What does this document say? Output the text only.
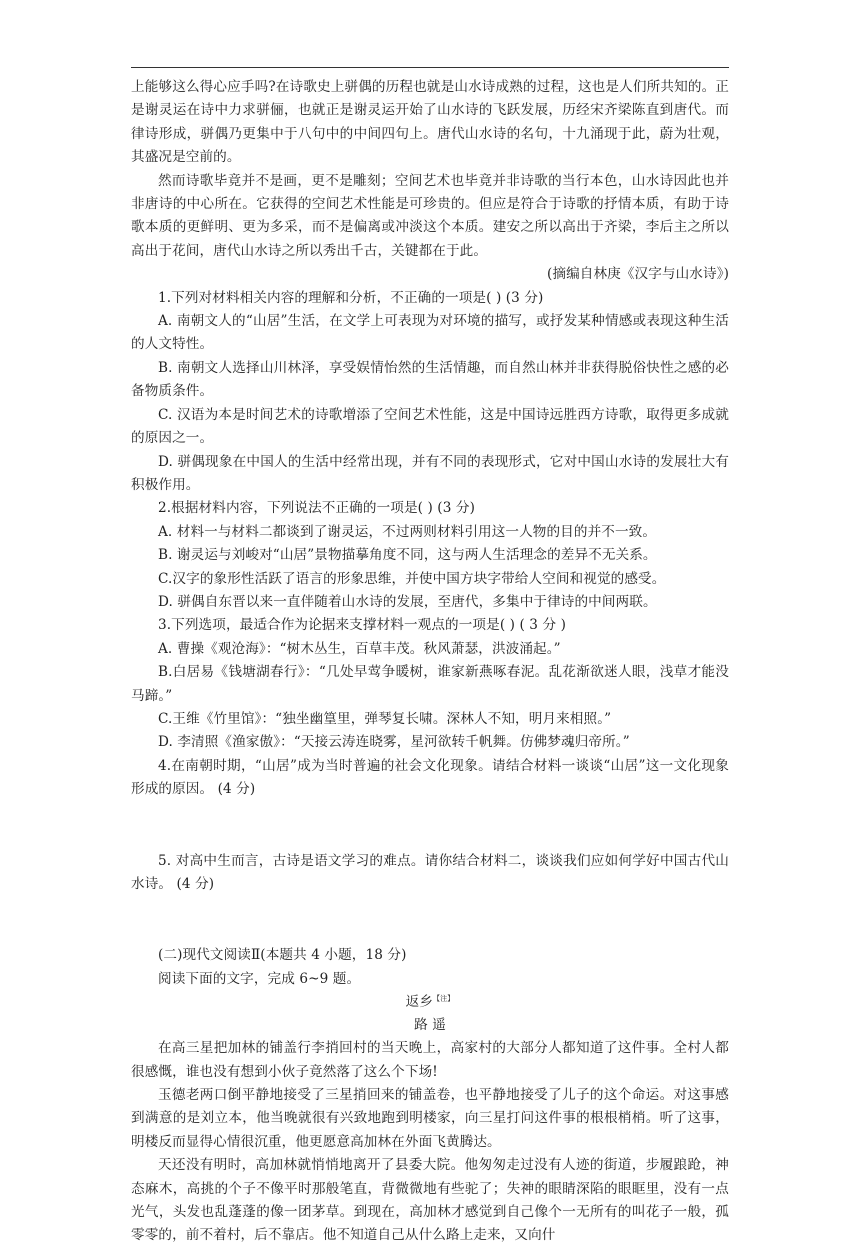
上能够这么得心应手吗?在诗歌史上骈偶的历程也就是山水诗成熟的过程，这也是人们所共知的。正是谢灵运在诗中力求骈俪，也就正是谢灵运开始了山水诗的飞跃发展，历经宋齐梁陈直到唐代。而律诗形成，骈偶乃更集中于八句中的中间四句上。唐代山水诗的名句，十九涌现于此，蔚为壮观，其盛况是空前的。

然而诗歌毕竟并不是画，更不是雕刻；空间艺术也毕竟并非诗歌的当行本色，山水诗因此也并非唐诗的中心所在。它获得的空间艺术性能是可珍贵的。但应是符合于诗歌的抒情本质，有助于诗歌本质的更鲜明、更为多采，而不是偏离或冲淡这个本质。建安之所以高出于齐梁，李后主之所以高出于花间，唐代山水诗之所以秀出千古，关键都在于此。

(摘编自林庚《汉字与山水诗》)

1.下列对材料相关内容的理解和分析，不正确的一项是( ) (3 分)

A. 南朝文人的“山居”生活，在文学上可表现为对环境的描写，或抒发某种情感或表现这种生活的人文特性。

B. 南朝文人选择山川林泽，享受娱情怡然的生活情趣，而自然山林并非获得脱俗快性之感的必备物质条件。

C. 汉语为本是时间艺术的诗歌增添了空间艺术性能，这是中国诗远胜西方诗歌，取得更多成就的原因之一。

D. 骈偶现象在中国人的生活中经常出现，并有不同的表现形式，它对中国山水诗的发展壮大有积极作用。

2.根据材料内容，下列说法不正确的一项是( ) (3 分)

A. 材料一与材料二都谈到了谢灵运，不过两则材料引用这一人物的目的并不一致。

B. 谢灵运与刘峻对“山居”景物描摹角度不同，这与两人生活理念的差异不无关系。

C.汉字的象形性活跃了语言的形象思维，并使中国方块字带给人空间和视觉的感受。

D. 骈偶自东晋以来一直伴随着山水诗的发展，至唐代，多集中于律诗的中间两联。

3.下列选项，最适合作为论据来支撑材料一观点的一项是( ) ( 3 分 )

A. 曹操《观沧海》：“树木丛生，百草丰茂。秋风萧瑟，洪波涌起。”

B.白居易《钱塘湖春行》：“几处早莺争暖树，谁家新燕啄春泥。乱花渐欲迷人眼，浅草才能没马蹄。”

C.王维《竹里馆》：“独坐幽篁里，弹琴复长啸。深林人不知，明月来相照。”

D. 李清照《渔家傲》：“天接云涛连晓雾，星河欲转千帆舞。仿佛梦魂归帝所。”

4.在南朝时期，“山居”成为当时普遍的社会文化现象。请结合材料一谈谈“山居”这一文化现象形成的原因。 (4 分)

5. 对高中生而言，古诗是语文学习的难点。请你结合材料二，谈谈我们应如何学好中国古代山水诗。 (4 分)

(二)现代文阅读Ⅱ(本题共 4 小题，18 分)

阅读下面的文字，完成 6~9 题。

返乡$^{【注】}$

路 遥

在高三星把加林的铺盖行李捎回村的当天晚上，高家村的大部分人都知道了这件事。全村人都很感慨，谁也没有想到小伙子竟然落了这么个下场!

玉德老两口倒平静地接受了三星捎回来的铺盖卷，也平静地接受了儿子的这个命运。对这事感到满意的是刘立本，他当晚就很有兴致地跑到明楼家，向三星打问这件事的根根梢梢。听了这事，明楼反而显得心情很沉重，他更愿意高加林在外面飞黄腾达。

天还没有明时，高加林就悄悄地离开了县委大院。他匆匆走过没有人迹的街道，步履踉跄，神态麻木，高挑的个子不像平时那般笔直，背微微地有些驼了；失神的眼睛深陷的眼眶里，没有一点光气，头发也乱蓬蓬的像一团茅草。到现在，高加林才感觉到自己像个一无所有的叫花子一般，孤零零的，前不着村，后不靠店。他不知道自己从什么路上走来，又向什
